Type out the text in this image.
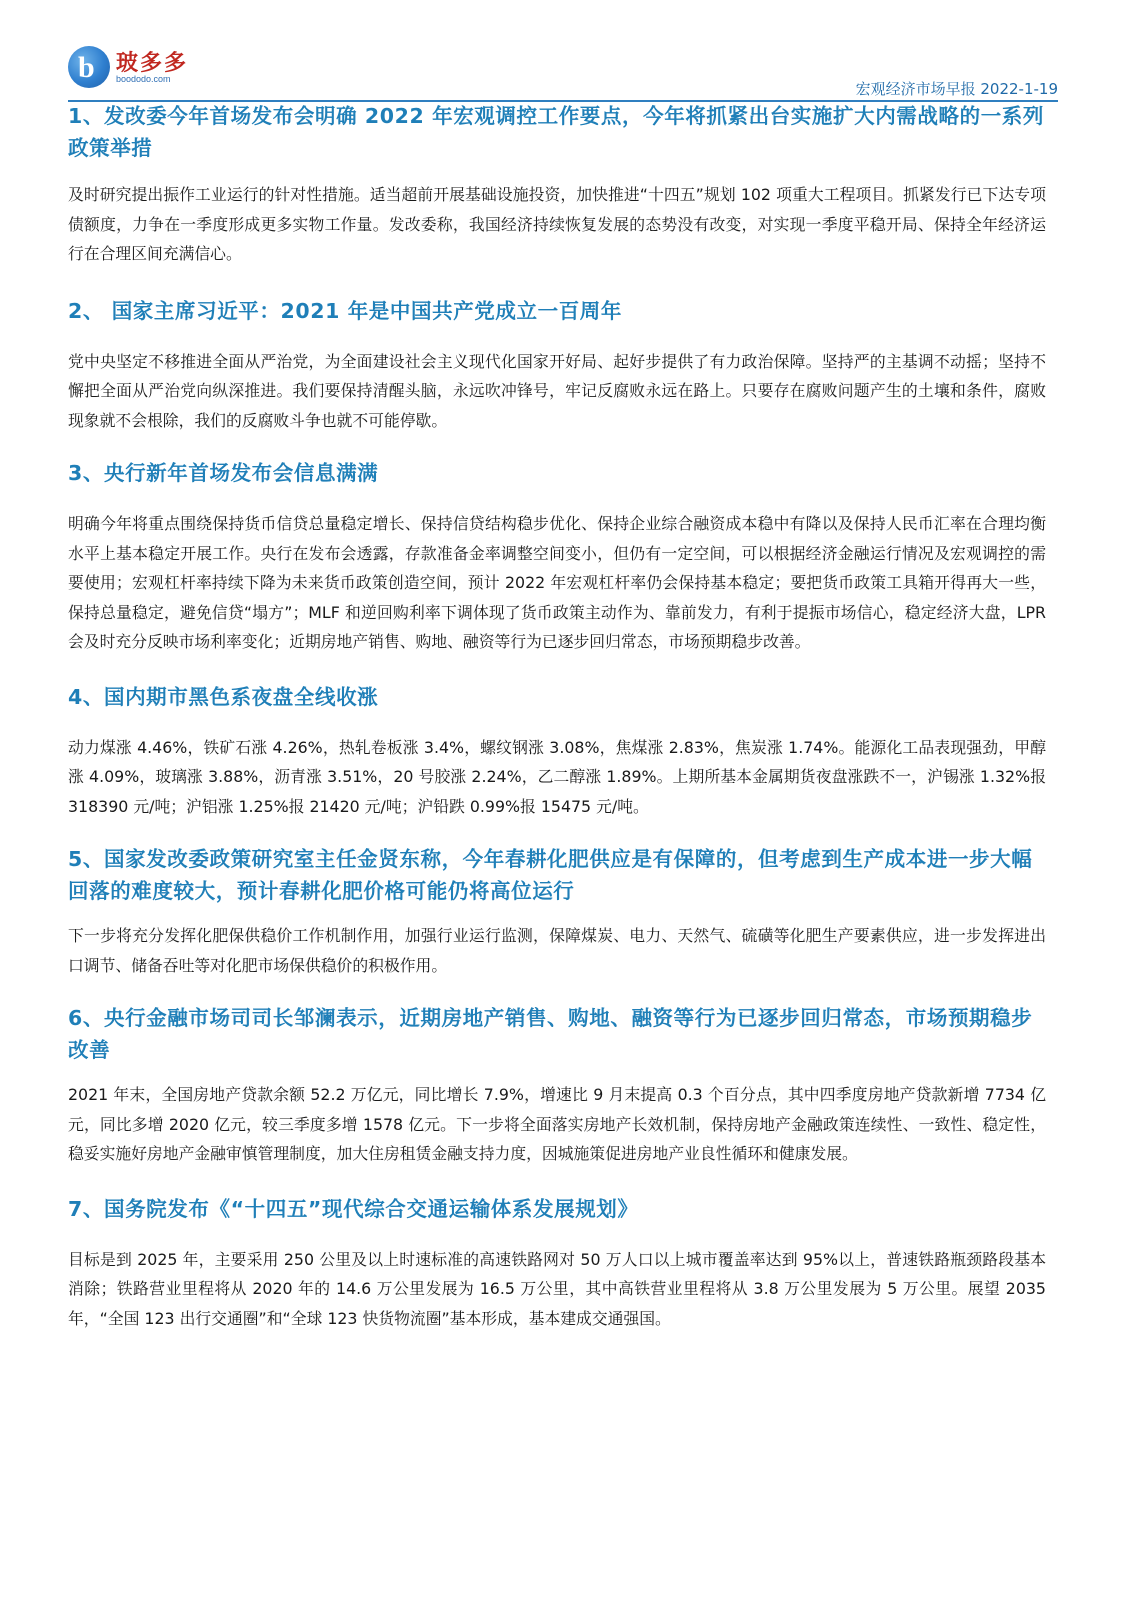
b 玻多多
boododo.com
宏观经济市场早报 2022-1-19
1、发改委今年首场发布会明确 2022 年宏观调控工作要点，今年将抓紧出台实施扩大内需战略的一系列政策举措

及时研究提出振作工业运行的针对性措施。适当超前开展基础设施投资，加快推进“十四五”规划 102 项重大工程项目。抓紧发行已下达专项债额度，力争在一季度形成更多实物工作量。发改委称，我国经济持续恢复发展的态势没有改变，对实现一季度平稳开局、保持全年经济运行在合理区间充满信心。

2、 国家主席习近平：2021 年是中国共产党成立一百周年

党中央坚定不移推进全面从严治党，为全面建设社会主义现代化国家开好局、起好步提供了有力政治保障。坚持严的主基调不动摇；坚持不懈把全面从严治党向纵深推进。我们要保持清醒头脑，永远吹冲锋号，牢记反腐败永远在路上。只要存在腐败问题产生的土壤和条件，腐败现象就不会根除，我们的反腐败斗争也就不可能停歇。

3、央行新年首场发布会信息满满

明确今年将重点围绕保持货币信贷总量稳定增长、保持信贷结构稳步优化、保持企业综合融资成本稳中有降以及保持人民币汇率在合理均衡水平上基本稳定开展工作。央行在发布会透露，存款准备金率调整空间变小，但仍有一定空间，可以根据经济金融运行情况及宏观调控的需要使用；宏观杠杆率持续下降为未来货币政策创造空间，预计 2022 年宏观杠杆率仍会保持基本稳定；要把货币政策工具箱开得再大一些，保持总量稳定，避免信贷“塌方”；MLF 和逆回购利率下调体现了货币政策主动作为、靠前发力，有利于提振市场信心，稳定经济大盘，LPR 会及时充分反映市场利率变化；近期房地产销售、购地、融资等行为已逐步回归常态，市场预期稳步改善。

4、国内期市黑色系夜盘全线收涨

动力煤涨 4.46%，铁矿石涨 4.26%，热轧卷板涨 3.4%，螺纹钢涨 3.08%，焦煤涨 2.83%，焦炭涨 1.74%。能源化工品表现强劲，甲醇涨 4.09%，玻璃涨 3.88%，沥青涨 3.51%，20 号胶涨 2.24%，乙二醇涨 1.89%。上期所基本金属期货夜盘涨跌不一，沪锡涨 1.32%报 318390 元/吨；沪铝涨 1.25%报 21420 元/吨；沪铅跌 0.99%报 15475 元/吨。

5、国家发改委政策研究室主任金贤东称，今年春耕化肥供应是有保障的，但考虑到生产成本进一步大幅回落的难度较大，预计春耕化肥价格可能仍将高位运行

下一步将充分发挥化肥保供稳价工作机制作用，加强行业运行监测，保障煤炭、电力、天然气、硫磺等化肥生产要素供应，进一步发挥进出口调节、储备吞吐等对化肥市场保供稳价的积极作用。

6、央行金融市场司司长邹澜表示，近期房地产销售、购地、融资等行为已逐步回归常态，市场预期稳步改善

2021 年末，全国房地产贷款余额 52.2 万亿元，同比增长 7.9%，增速比 9 月末提高 0.3 个百分点，其中四季度房地产贷款新增 7734 亿元，同比多增 2020 亿元，较三季度多增 1578 亿元。下一步将全面落实房地产长效机制，保持房地产金融政策连续性、一致性、稳定性，稳妥实施好房地产金融审慎管理制度，加大住房租赁金融支持力度，因城施策促进房地产业良性循环和健康发展。

7、国务院发布《“十四五”现代综合交通运输体系发展规划》

目标是到 2025 年，主要采用 250 公里及以上时速标准的高速铁路网对 50 万人口以上城市覆盖率达到 95%以上，普速铁路瓶颈路段基本消除；铁路营业里程将从 2020 年的 14.6 万公里发展为 16.5 万公里，其中高铁营业里程将从 3.8 万公里发展为 5 万公里。展望 2035 年，“全国 123 出行交通圈”和“全球 123 快货物流圈”基本形成，基本建成交通强国。
